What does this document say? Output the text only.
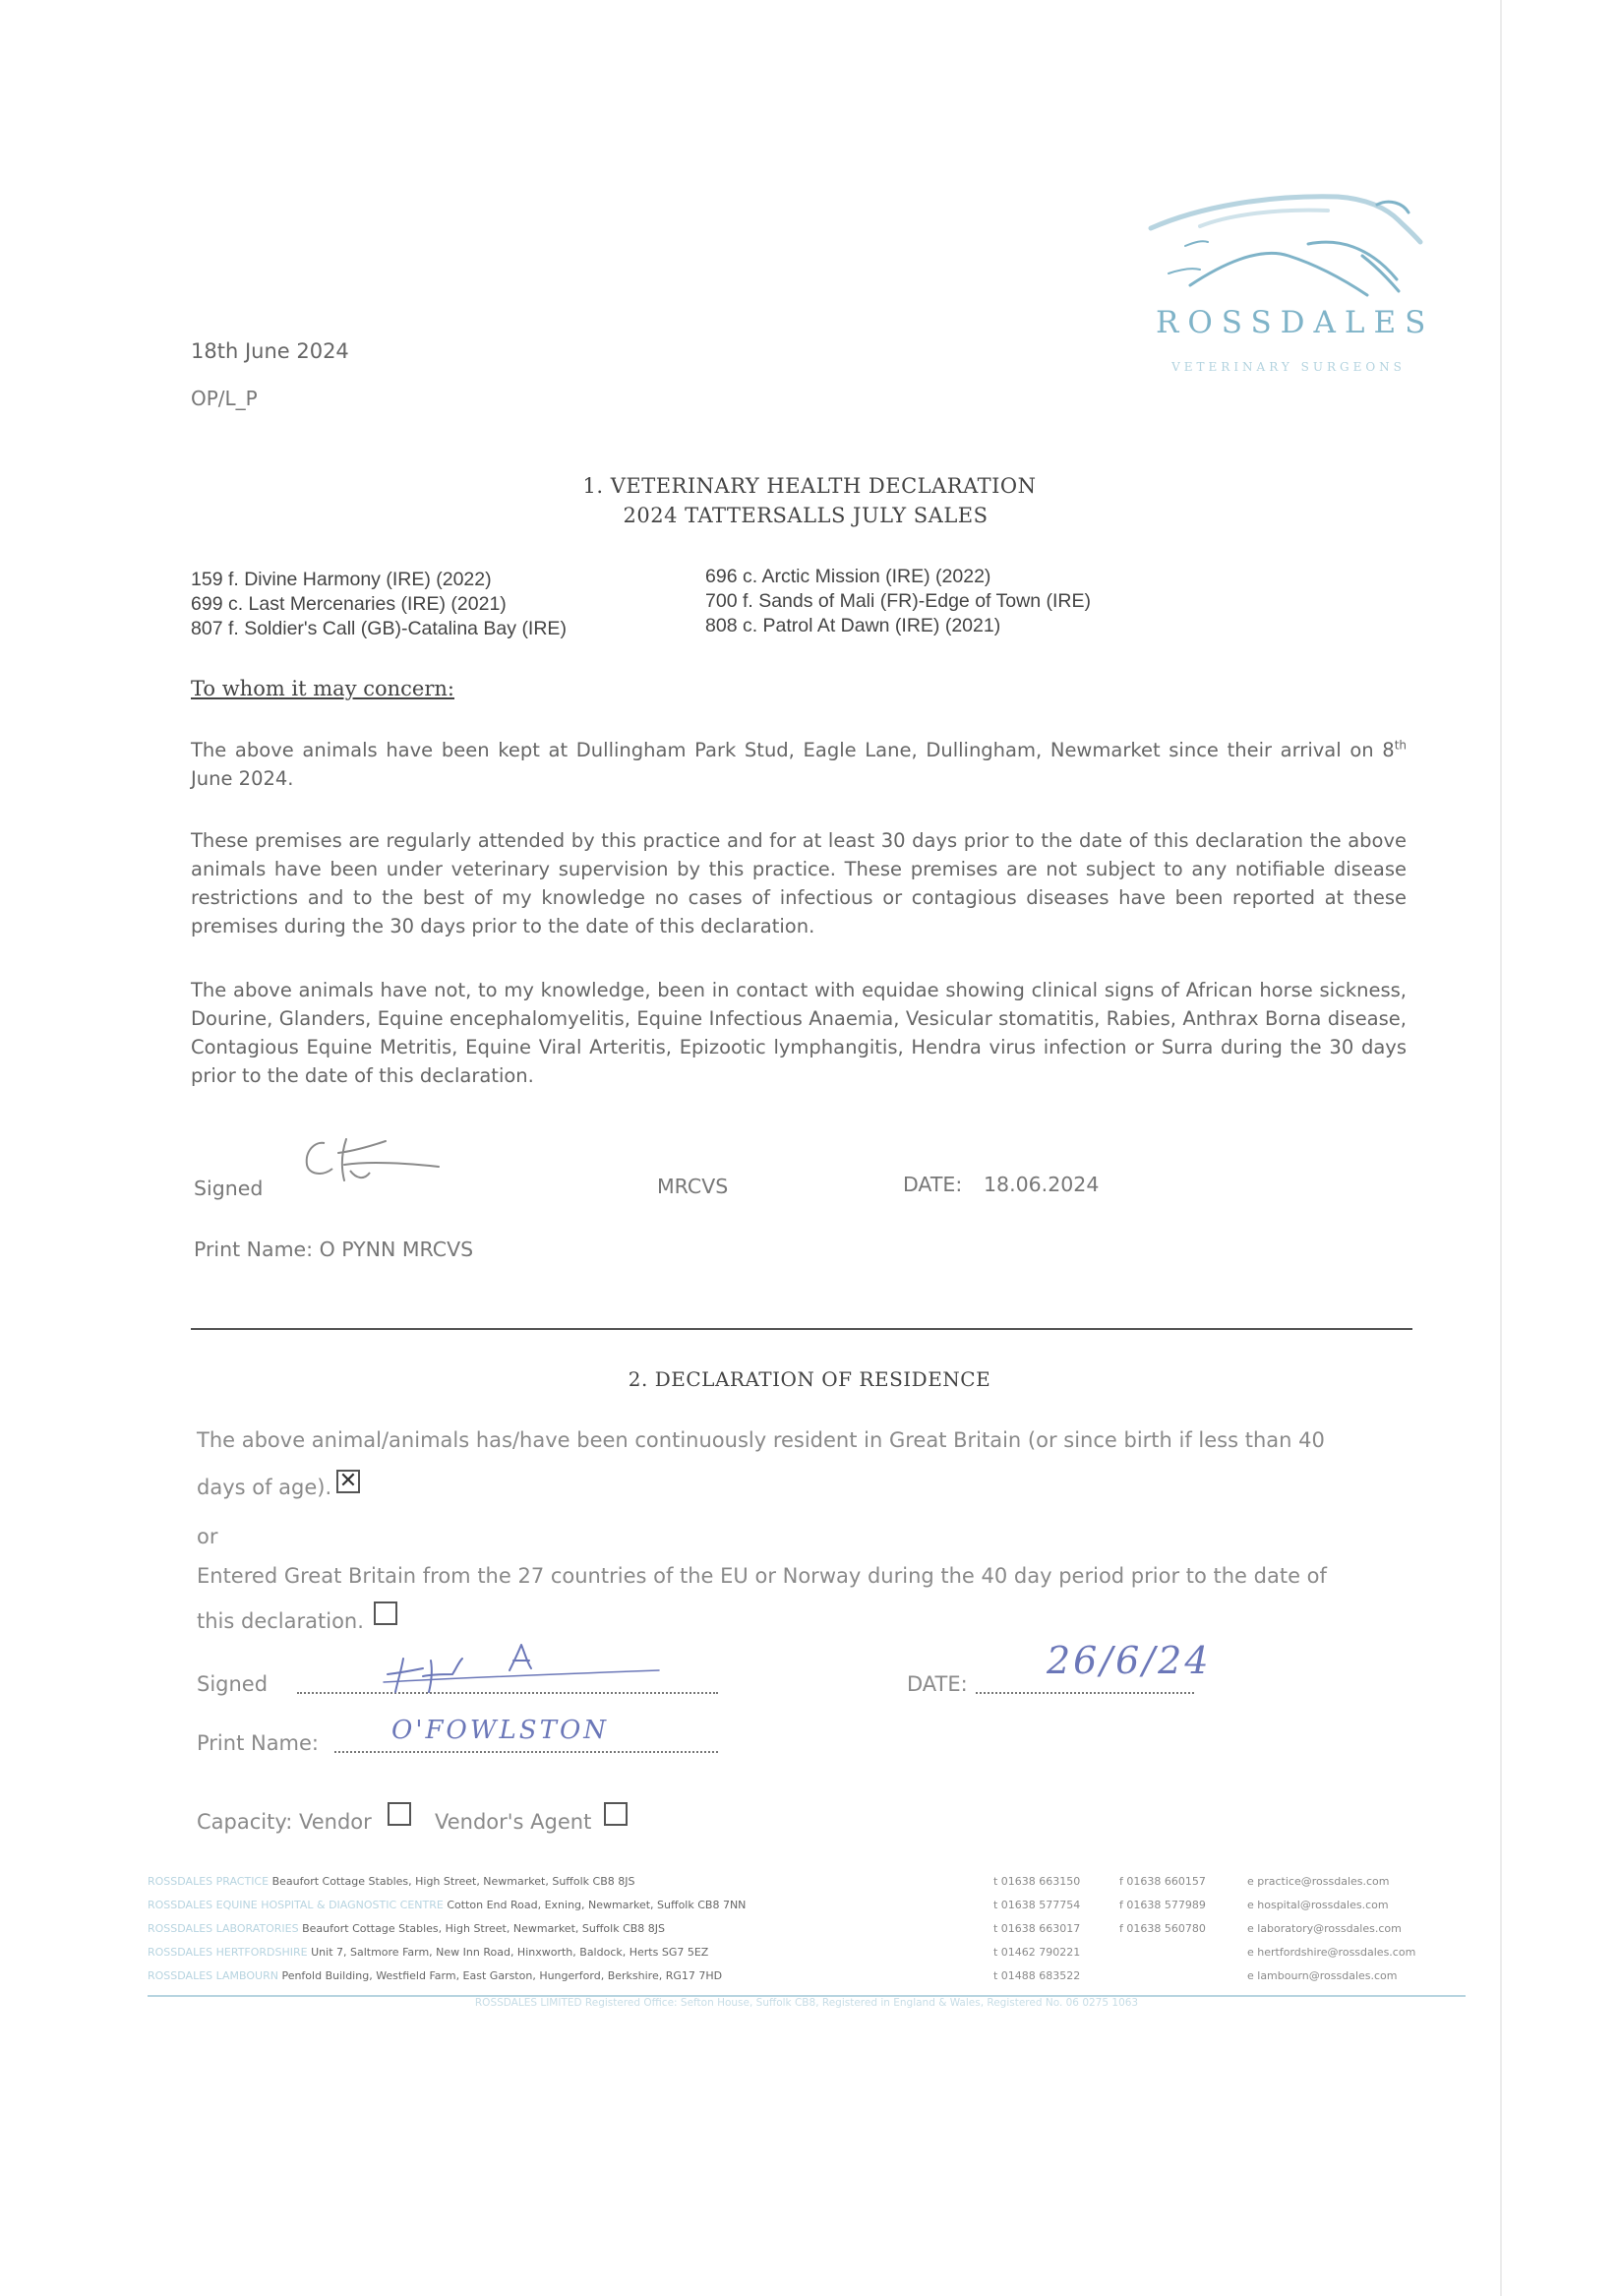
ROSSDALES
VETERINARY SURGEONS
18th June 2024
OP/L_P
1. VETERINARY HEALTH DECLARATION
2024 TATTERSALLS JULY SALES
159 f. Divine Harmony (IRE) (2022)
699 c. Last Mercenaries (IRE) (2021)
807 f. Soldier's Call (GB)-Catalina Bay (IRE)
696 c. Arctic Mission (IRE) (2022)
700 f. Sands of Mali (FR)-Edge of Town (IRE)
808 c. Patrol At Dawn (IRE) (2021)
To whom it may concern:
The above animals have been kept at Dullingham Park Stud, Eagle Lane, Dullingham, Newmarket since their arrival on 8th June 2024.
These premises are regularly attended by this practice and for at least 30 days prior to the date of this declaration the above animals have been under veterinary supervision by this practice. These premises are not subject to any notifiable disease restrictions and to the best of my knowledge no cases of infectious or contagious diseases have been reported at these premises during the 30 days prior to the date of this declaration.
The above animals have not, to my knowledge, been in contact with equidae showing clinical signs of African horse sickness, Dourine, Glanders, Equine encephalomyelitis, Equine Infectious Anaemia, Vesicular stomatitis, Rabies, Anthrax Borna disease, Contagious Equine Metritis, Equine Viral Arteritis, Epizootic lymphangitis, Hendra virus infection or Surra during the 30 days prior to the date of this declaration.
Signed	MRCVS	DATE: 18.06.2024
Print Name: O PYNN MRCVS
2. DECLARATION OF RESIDENCE
The above animal/animals has/have been continuously resident in Great Britain (or since birth if less than 40
days of age). ✕
or
Entered Great Britain from the 27 countries of the EU or Norway during the 40 day period prior to the date of
this declaration.
Signed	DATE:
26/6/24
Print Name:	O'FOWLSTON
Capacity: Vendor	Vendor's Agent
ROSSDALES PRACTICE Beaufort Cottage Stables, High Street, Newmarket, Suffolk CB8 8JS	t 01638 663150	f 01638 660157	e practice@rossdales.com
ROSSDALES EQUINE HOSPITAL & DIAGNOSTIC CENTRE Cotton End Road, Exning, Newmarket, Suffolk CB8 7NN	t 01638 577754	f 01638 577989	e hospital@rossdales.com
ROSSDALES LABORATORIES Beaufort Cottage Stables, High Street, Newmarket, Suffolk CB8 8JS	t 01638 663017	f 01638 560780	e laboratory@rossdales.com
ROSSDALES HERTFORDSHIRE Unit 7, Saltmore Farm, New Inn Road, Hinxworth, Baldock, Herts SG7 5EZ	t 01462 790221	e hertfordshire@rossdales.com
ROSSDALES LAMBOURN Penfold Building, Westfield Farm, East Garston, Hungerford, Berkshire, RG17 7HD	t 01488 683522	e lambourn@rossdales.com
ROSSDALES LIMITED Registered Office: Sefton House, Suffolk CB8, Registered in England & Wales, Registered No. 06 0275 1063
